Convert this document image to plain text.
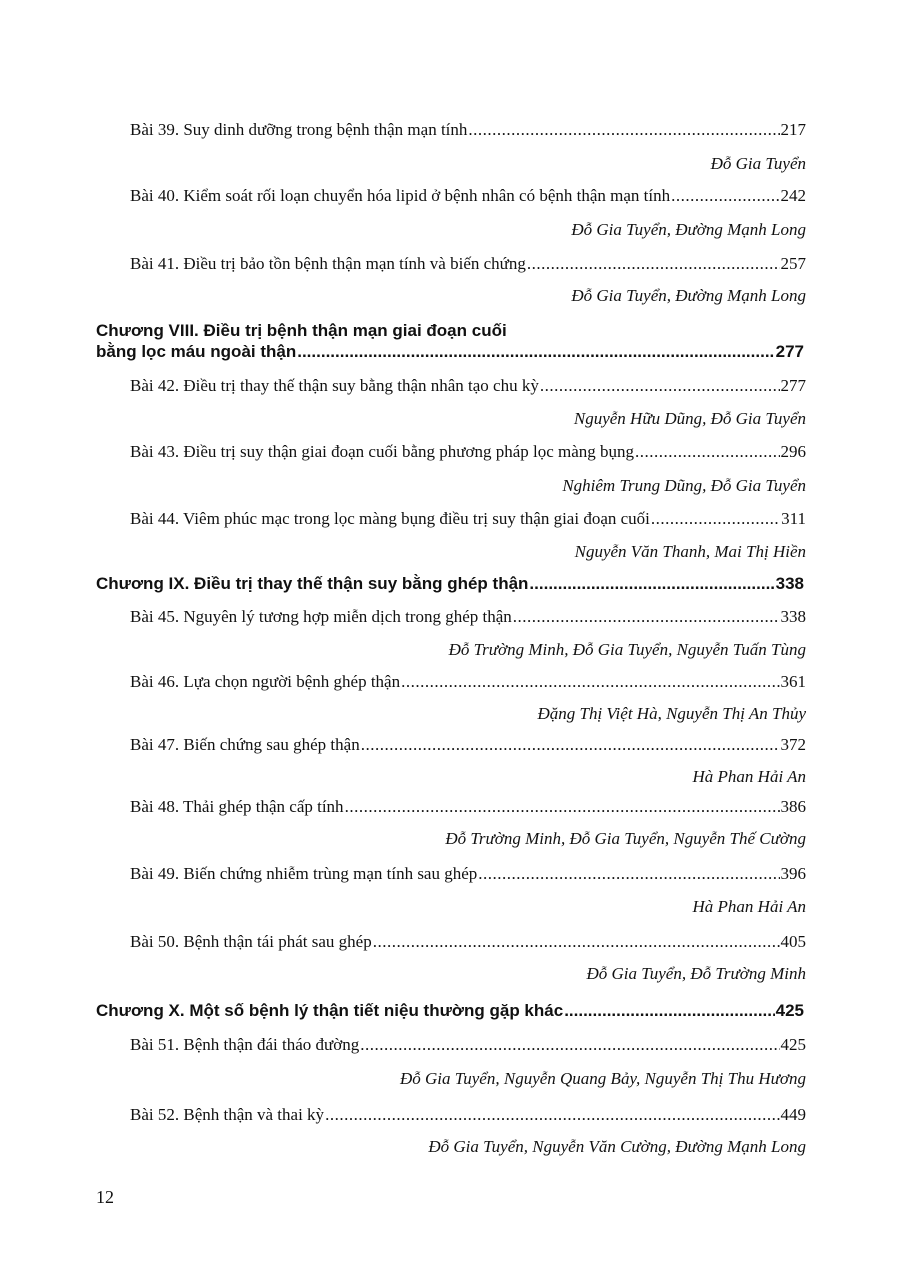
Bài 39. Suy dinh dưỡng trong bệnh thận mạn tính .....	217
Đỗ Gia Tuyển
Bài 40. Kiểm soát rối loạn chuyển hóa lipid ở bệnh nhân có bệnh thận mạn tính .....	242
Đỗ Gia Tuyển, Đường Mạnh Long
Bài 41. Điều trị bảo tồn bệnh thận mạn tính và biến chứng .....	257
Đỗ Gia Tuyển, Đường Mạnh Long
Chương VIII. Điều trị bệnh thận mạn giai đoạn cuối
bằng lọc máu ngoài thận .....	277
Bài 42. Điều trị thay thế thận suy bằng thận nhân tạo chu kỳ .....	277
Nguyễn Hữu Dũng, Đỗ Gia Tuyển
Bài 43. Điều trị suy thận giai đoạn cuối bằng phương pháp lọc màng bụng .....	296
Nghiêm Trung Dũng, Đỗ Gia Tuyển
Bài 44. Viêm phúc mạc trong lọc màng bụng điều trị suy thận giai đoạn cuối .....	311
Nguyễn Văn Thanh, Mai Thị Hiền
Chương IX. Điều trị thay thế thận suy bằng ghép thận .....	338
Bài 45. Nguyên lý tương hợp miễn dịch trong ghép thận .....	338
Đỗ Trường Minh, Đỗ Gia Tuyển, Nguyễn Tuấn Tùng
Bài 46. Lựa chọn người bệnh ghép thận .....	361
Đặng Thị Việt Hà, Nguyễn Thị An Thủy
Bài 47. Biến chứng sau ghép thận .....	372
Hà Phan Hải An
Bài 48. Thải ghép thận cấp tính .....	386
Đỗ Trường Minh, Đỗ Gia Tuyển, Nguyễn Thế Cường
Bài 49. Biến chứng nhiễm trùng mạn tính sau ghép .....	396
Hà Phan Hải An
Bài 50. Bệnh thận tái phát sau ghép .....	405
Đỗ Gia Tuyển, Đỗ Trường Minh
Chương X. Một số bệnh lý thận tiết niệu thường gặp khác .....	425
Bài 51. Bệnh thận đái tháo đường .....	425
Đỗ Gia Tuyển, Nguyễn Quang Bảy, Nguyễn Thị Thu Hương
Bài 52. Bệnh thận và thai kỳ .....	449
Đỗ Gia Tuyển, Nguyễn Văn Cường, Đường Mạnh Long
12
